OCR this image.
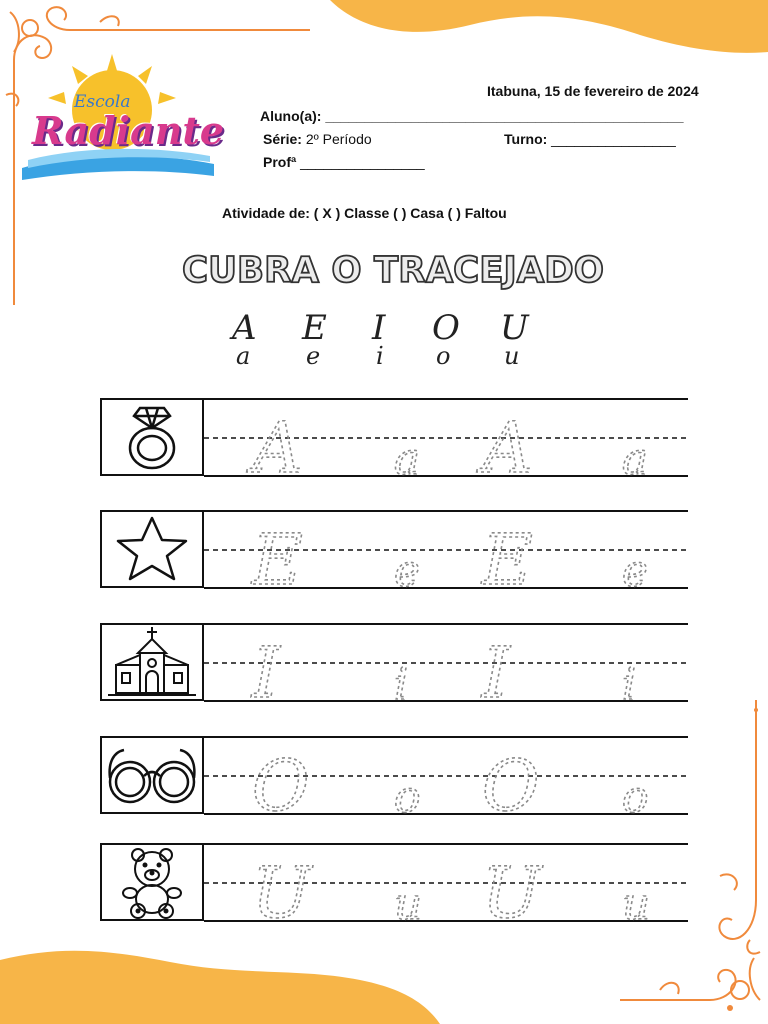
Escola
Radiante
Itabuna, 15 de fevereiro de 2024
Aluno(a): ______________________________________________
Série: 2º Período	Turno: ________________
Profª ________________
Atividade de: ( X ) Classe ( ) Casa ( ) Faltou
CUBRA O TRACEJADO
A
a
E
e
I
i
O
o
U
u
A a A a
E e E e
I	i I	i
O o O o
U u U u
